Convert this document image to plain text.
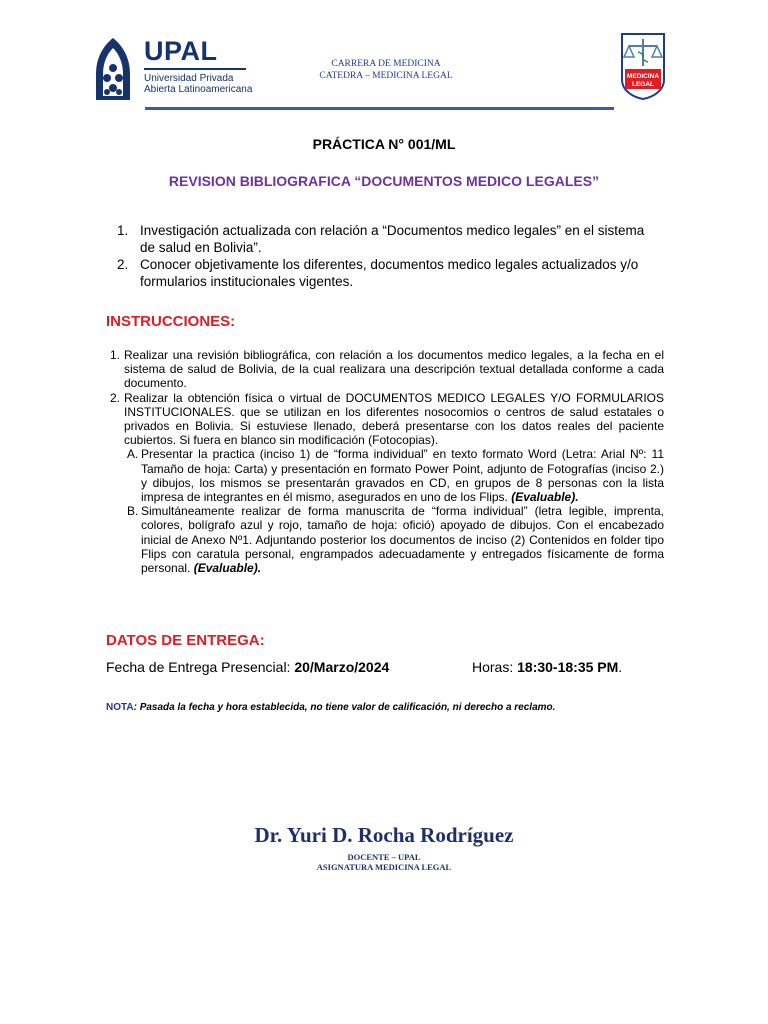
UPAL
Universidad Privada
Abierta Latinoamericana
CARRERA DE MEDICINA
CATEDRA – MEDICINA LEGAL	MEDICINA
LEGAL
PRÁCTICA N° 001/ML
REVISION BIBLIOGRAFICA “DOCUMENTOS MEDICO LEGALES”
1. Investigación actualizada con relación a “Documentos medico legales” en el sistema de salud en Bolivia”.
2. Conocer objetivamente los diferentes, documentos medico legales actualizados y/o formularios institucionales vigentes.
INSTRUCCIONES:
1. Realizar una revisión bibliográfica, con relación a los documentos medico legales, a la fecha en el sistema de salud de Bolivia, de la cual realizara una descripción textual detallada conforme a cada documento.
2. Realizar la obtención física o virtual de DOCUMENTOS MEDICO LEGALES Y/O FORMULARIOS INSTITUCIONALES. que se utilizan en los diferentes nosocomios o centros de salud estatales o privados en Bolivia. Si estuviese llenado, deberá presentarse con los datos reales del paciente cubiertos. Si fuera en blanco sin modificación (Fotocopias).
A. Presentar la practica (inciso 1) de “forma individual” en texto formato Word (Letra: Arial Nº: 11 Tamaño de hoja: Carta) y presentación en formato Power Point, adjunto de Fotografías (inciso 2.) y dibujos, los mismos se presentarán gravados en CD, en grupos de 8 personas con la lista impresa de integrantes en él mismo, asegurados en uno de los Flips. (Evaluable).
B. Simultáneamente realizar de forma manuscrita de “forma individual” (letra legible, imprenta, colores, bolígrafo azul y rojo, tamaño de hoja: ofició) apoyado de dibujos. Con el encabezado inicial de Anexo Nº1. Adjuntando posterior los documentos de inciso (2) Contenidos en folder tipo Flips con caratula personal, engrampados adecuadamente y entregados físicamente de forma personal. (Evaluable).
DATOS DE ENTREGA:
Fecha de Entrega Presencial: 20/Marzo/2024	Horas: 18:30-18:35 PM.
NOTA: Pasada la fecha y hora establecida, no tiene valor de calificación, ni derecho a reclamo.
Dr. Yuri D. Rocha Rodríguez
DOCENTE – UPAL
ASIGNATURA MEDICINA LEGAL
